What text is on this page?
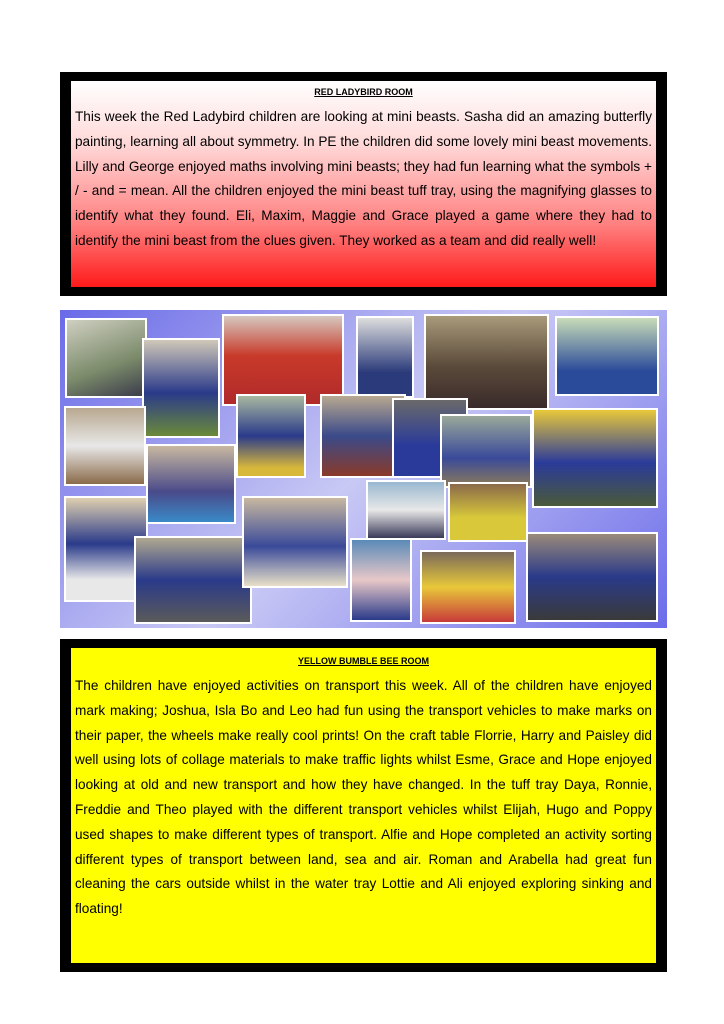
RED LADYBIRD ROOM

This week the Red Ladybird children are looking at mini beasts. Sasha did an amazing butterfly painting, learning all about symmetry. In PE the children did some lovely mini beast movements. Lilly and George enjoyed maths involving mini beasts; they had fun learning what the symbols + / - and = mean. All the children enjoyed the mini beast tuff tray, using the magnifying glasses to identify what they found. Eli, Maxim, Maggie and Grace played a game where they had to identify the mini beast from the clues given. They worked as a team and did really well!

YELLOW BUMBLE BEE ROOM

The children have enjoyed activities on transport this week. All of the children have enjoyed mark making; Joshua, Isla Bo and Leo had fun using the transport vehicles to make marks on their paper, the wheels make really cool prints! On the craft table Florrie, Harry and Paisley did well using lots of collage materials to make traffic lights whilst Esme, Grace and Hope enjoyed looking at old and new transport and how they have changed. In the tuff tray Daya, Ronnie, Freddie and Theo played with the different transport vehicles whilst Elijah, Hugo and Poppy used shapes to make different types of transport. Alfie and Hope completed an activity sorting different types of transport between land, sea and air. Roman and Arabella had great fun cleaning the cars outside whilst in the water tray Lottie and Ali enjoyed exploring sinking and floating!
